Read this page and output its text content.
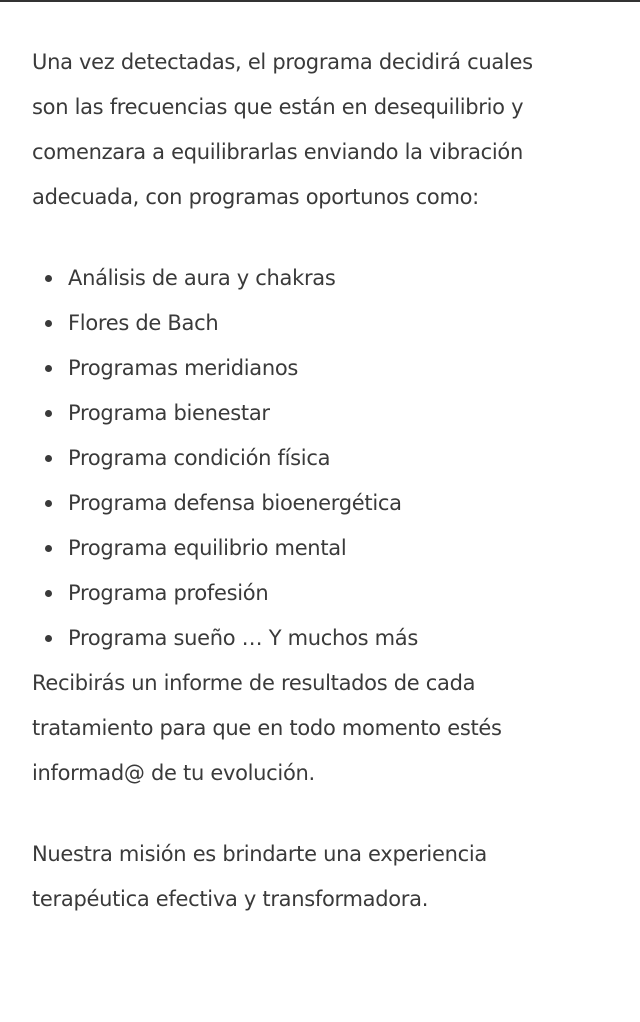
Una vez detectadas, el programa decidirá cuales
son las frecuencias que están en desequilibrio y
comenzara a equilibrarlas enviando la vibración
adecuada, con programas oportunos como:

Análisis de aura y chakras
Flores de Bach
Programas meridianos
Programa bienestar
Programa condición física
Programa defensa bioenergética
Programa equilibrio mental
Programa profesión
Programa sueño … Y muchos más

Recibirás un informe de resultados de cada
tratamiento para que en todo momento estés
informad@ de tu evolución.

Nuestra misión es brindarte una experiencia
terapéutica efectiva y transformadora.
